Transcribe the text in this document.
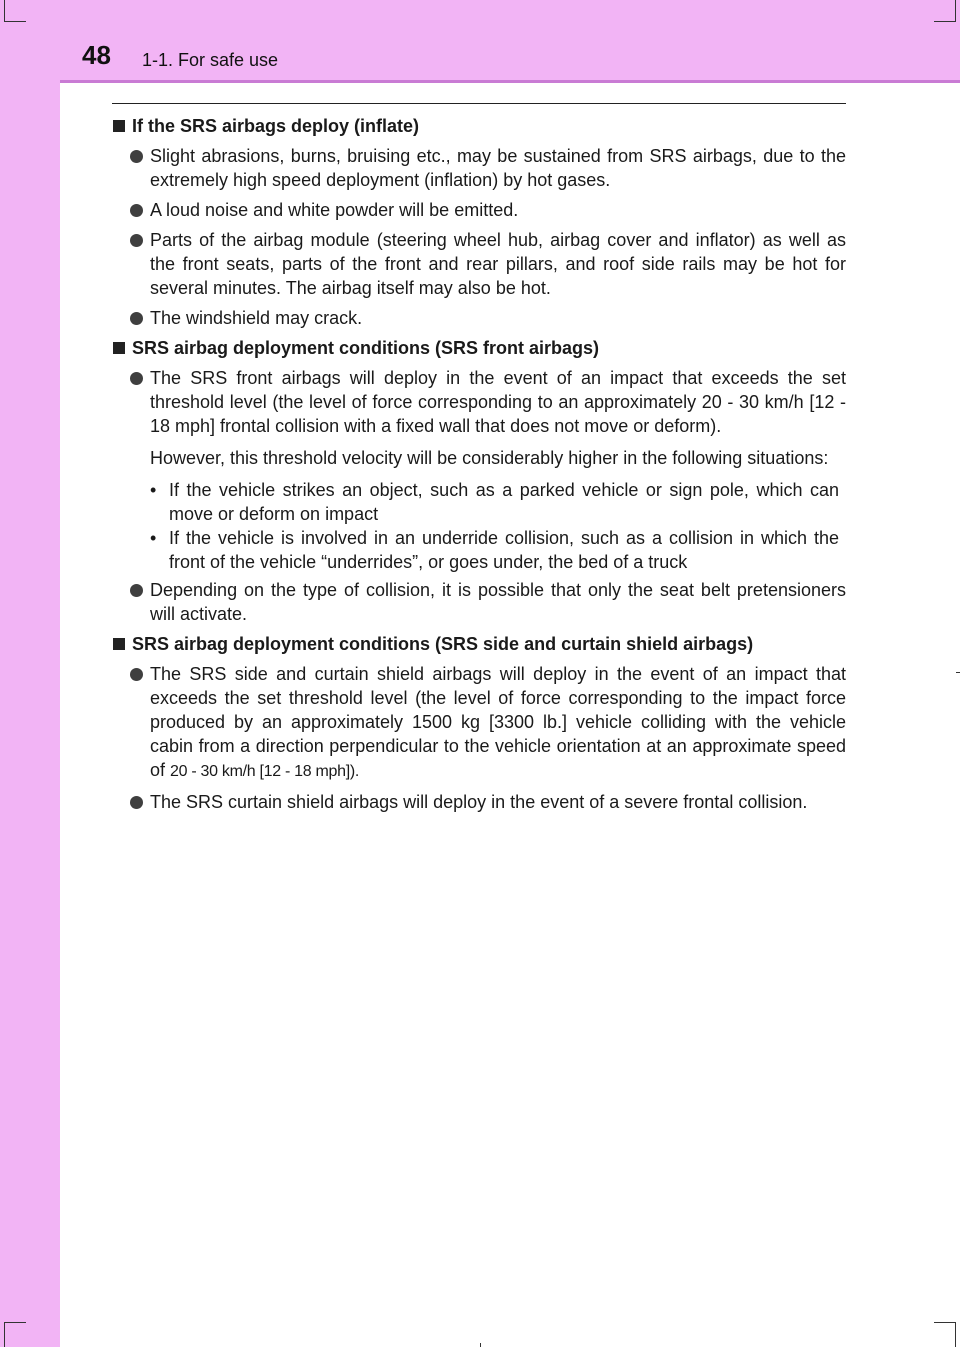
48 1-1. For safe use
If the SRS airbags deploy (inflate)
Slight abrasions, burns, bruising etc., may be sustained from SRS airbags, due to the extremely high speed deployment (inflation) by hot gases.
A loud noise and white powder will be emitted.
Parts of the airbag module (steering wheel hub, airbag cover and inflator) as well as the front seats, parts of the front and rear pillars, and roof side rails may be hot for several minutes. The airbag itself may also be hot.
The windshield may crack.
SRS airbag deployment conditions (SRS front airbags)
The SRS front airbags will deploy in the event of an impact that exceeds the set threshold level (the level of force corresponding to an approximately 20 - 30 km/h [12 - 18 mph] frontal collision with a fixed wall that does not move or deform).
However, this threshold velocity will be considerably higher in the following situations:
• If the vehicle strikes an object, such as a parked vehicle or sign pole, which can move or deform on impact
• If the vehicle is involved in an underride collision, such as a collision in which the front of the vehicle “underrides”, or goes under, the bed of a truck
Depending on the type of collision, it is possible that only the seat belt pretensioners will activate.
SRS airbag deployment conditions (SRS side and curtain shield airbags)
The SRS side and curtain shield airbags will deploy in the event of an impact that exceeds the set threshold level (the level of force corresponding to the impact force produced by an approximately 1500 kg [3300 lb.] vehicle colliding with the vehicle cabin from a direction perpendicular to the vehicle orientation at an approximate speed of 20 - 30 km/h [12 - 18 mph]).
The SRS curtain shield airbags will deploy in the event of a severe frontal collision.
